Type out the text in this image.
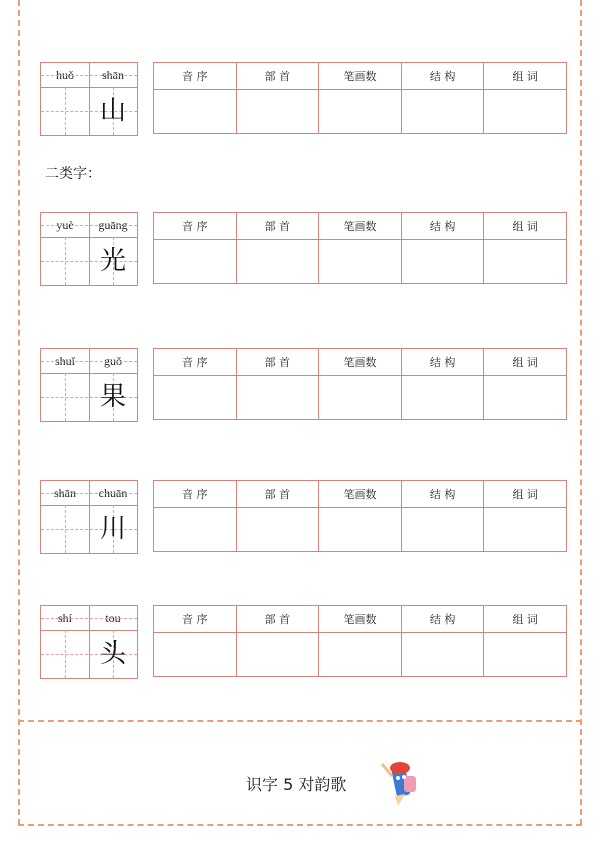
二类字：
huǒ	shān
山
音 序	部 首	笔画数	结 构	组 词

yuè	guāng
光
音 序	部 首	笔画数	结 构	组 词

shuǐ	guǒ
果
音 序	部 首	笔画数	结 构	组 词

shān	chuān
川
音 序	部 首	笔画数	结 构	组 词

shí	tou
头
音 序	部 首	笔画数	结 构	组 词

识字 5 对韵歌
